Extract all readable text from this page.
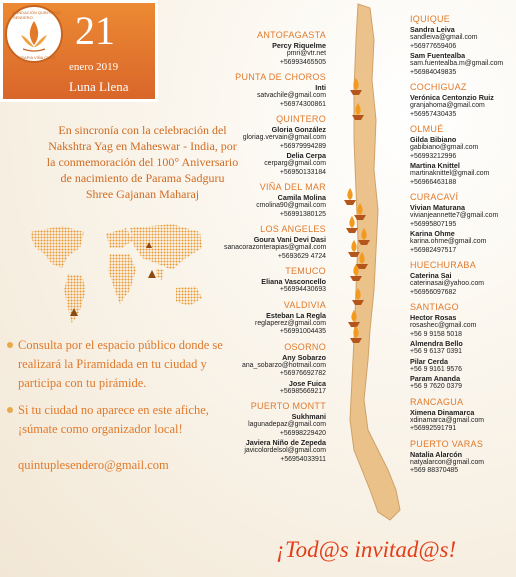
FUNDACIÓN QUÍNTUPLE SENDERO
TERAPIA VIÑA CHILE
21
enero 2019
Luna Llena
En sincronía con la celebración del
Nakshtra Yag en Maheswar - India, por
la conmemoración del 100° Aniversario
de nacimiento de Parama Sadguru
Shree Gajanan Maharaj
Consulta por el espacio público donde se realizará la Piramidada en tu ciudad y participa con tu pirámide.
Si tu ciudad no aparece en este afiche, ¡súmate como organizador local!
quintuplesendero@gmail.com
ANTOFAGASTA
Percy Riquelme
pmri@vtr.net
+56993465505
PUNTA DE CHOROS
Inti
satvachile@gmail.com
+56974300861
QUINTERO
Gloria González
gloriag.vervain@gmail.com
+56979994289
Delia Cerpa
cerparg@gmail.com
+56950133184
VIÑA DEL MAR
Camila Molina
cmolina90@gmail.com
+56991380125
LOS ANGELES
Goura Vani Devi Dasi
sanacorazonterapias@gmail.com
+5693629 4724
TEMUCO
Eliana Vasconcello
+56994430693
VALDIVIA
Esteban La Regla
reglaperez@gmail.com
+56991004435
OSORNO
Any Sobarzo
ana_sobarzo@hotmail.com
+56976692782
Jose Fuica
+56985669217
PUERTO MONTT
Sukhmani
lagunadepaz@gmail.com
+56998229420
Javiera Niño de Zepeda
javicolordelsol@gmail.com
+56954033911
IQUIQUE
Sandra Leiva
sandleiva@gmail.com
+56977659406
Sam Fuentealba
sam.fuentealba.m@gmail.com
+56984049835
COCHIGUAZ
Verónica Centonzio Ruiz
granjahoma@gmail.com
+56957430435
OLMUÉ
Gilda Bibiano
gabibiano@gmail.com
+56993212996
Martina Knittel
martinaknittel@gmail.com
+56966463188
CURACAVÍ
Vivian Maturana
vivianjeannette7@gmail.com
+56995807195
Karina Ohme
karina.ohme@gmail.com
+56982497517
HUECHURABA
Caterina Sai
caterinasai@yahoo.com
+56956097682
SANTIAGO
Hector Rosas
rosashec@gmail.com
+56 9 9158 5018
Almendra Bello
+56 9 6137 0391
Pilar Cerda
+56 9 9161 9576
Param Ananda
+56 9 7620 0379
RANCAGUA
Ximena Dinamarca
xdinamarca@gmail.com
+56992591791
PUERTO VARAS
Natalia Alarcón
natyalarcon@gmail.com
+569 88370485
¡Tod@s invitad@s!
